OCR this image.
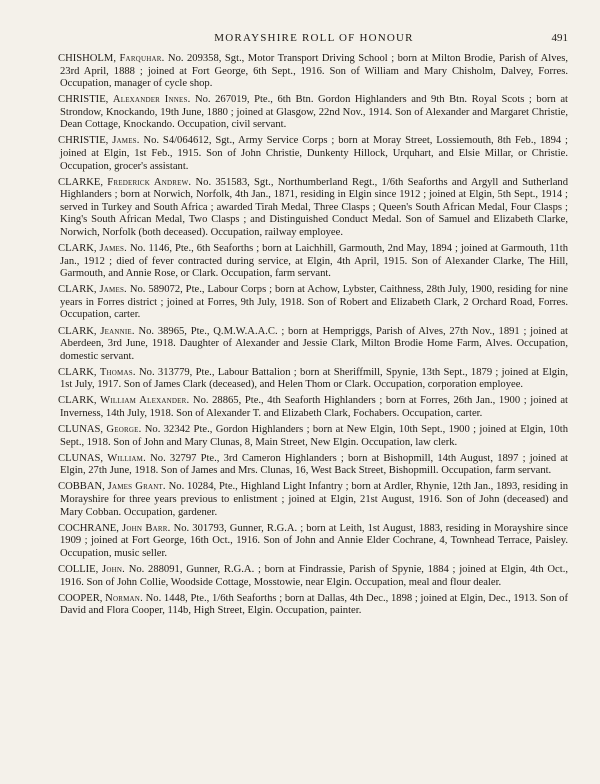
MORAYSHIRE ROLL OF HONOUR	491

CHISHOLM, Farquhar. No. 209358, Sgt., Motor Transport Driving School ; born at Milton Brodie, Parish of Alves, 23rd April, 1888 ; joined at Fort George, 6th Sept., 1916. Son of William and Mary Chisholm, Dalvey, Forres. Occupation, manager of cycle shop.

CHRISTIE, Alexander Innes. No. 267019, Pte., 6th Btn. Gordon Highlanders and 9th Btn. Royal Scots ; born at Strondow, Knockando, 19th June, 1880 ; joined at Glasgow, 22nd Nov., 1914. Son of Alexander and Margaret Christie, Dean Cottage, Knockando. Occupation, civil servant.

CHRISTIE, James. No. S4/064612, Sgt., Army Service Corps ; born at Moray Street, Lossiemouth, 8th Feb., 1894 ; joined at Elgin, 1st Feb., 1915. Son of John Christie, Dunkenty Hillock, Urquhart, and Elsie Millar, or Christie. Occupation, grocer's assistant.

CLARKE, Frederick Andrew. No. 351583, Sgt., Northumberland Regt., 1/6th Seaforths and Argyll and Sutherland Highlanders ; born at Norwich, Norfolk, 4th Jan., 1871, residing in Elgin since 1912 ; joined at Elgin, 5th Sept., 1914 ; served in Turkey and South Africa ; awarded Tirah Medal, Three Clasps ; Queen's South African Medal, Four Clasps ; King's South African Medal, Two Clasps ; and Distinguished Conduct Medal. Son of Samuel and Elizabeth Clarke, Norwich, Norfolk (both deceased). Occupation, railway employee.

CLARK, James. No. 1146, Pte., 6th Seaforths ; born at Laichhill, Garmouth, 2nd May, 1894 ; joined at Garmouth, 11th Jan., 1912 ; died of fever contracted during service, at Elgin, 4th April, 1915. Son of Alexander Clarke, The Hill, Garmouth, and Annie Rose, or Clark. Occupation, farm servant.

CLARK, James. No. 589072, Pte., Labour Corps ; born at Achow, Lybster, Caithness, 28th July, 1900, residing for nine years in Forres district ; joined at Forres, 9th July, 1918. Son of Robert and Elizabeth Clark, 2 Orchard Road, Forres. Occupation, carter.

CLARK, Jeannie. No. 38965, Pte., Q.M.W.A.A.C. ; born at Hempriggs, Parish of Alves, 27th Nov., 1891 ; joined at Aberdeen, 3rd June, 1918. Daughter of Alexander and Jessie Clark, Milton Brodie Home Farm, Alves. Occupation, domestic servant.

CLARK, Thomas. No. 313779, Pte., Labour Battalion ; born at Sheriffmill, Spynie, 13th Sept., 1879 ; joined at Elgin, 1st July, 1917. Son of James Clark (deceased), and Helen Thom or Clark. Occupation, corporation employee.

CLARK, William Alexander. No. 28865, Pte., 4th Seaforth Highlanders ; born at Forres, 26th Jan., 1900 ; joined at Inverness, 14th July, 1918. Son of Alexander T. and Elizabeth Clark, Fochabers. Occupation, carter.

CLUNAS, George. No. 32342 Pte., Gordon Highlanders ; born at New Elgin, 10th Sept., 1900 ; joined at Elgin, 10th Sept., 1918. Son of John and Mary Clunas, 8, Main Street, New Elgin. Occupation, law clerk.

CLUNAS, William. No. 32797 Pte., 3rd Cameron Highlanders ; born at Bishopmill, 14th August, 1897 ; joined at Elgin, 27th June, 1918. Son of James and Mrs. Clunas, 16, West Back Street, Bishopmill. Occupation, farm servant.

COBBAN, James Grant. No. 10284, Pte., Highland Light Infantry ; born at Ardler, Rhynie, 12th Jan., 1893, residing in Morayshire for three years previous to enlistment ; joined at Elgin, 21st August, 1916. Son of John (deceased) and Mary Cobban. Occupation, gardener.

COCHRANE, John Barr. No. 301793, Gunner, R.G.A. ; born at Leith, 1st August, 1883, residing in Morayshire since 1909 ; joined at Fort George, 16th Oct., 1916. Son of John and Annie Elder Cochrane, 4, Townhead Terrace, Paisley. Occupation, music seller.

COLLIE, John. No. 288091, Gunner, R.G.A. ; born at Findrassie, Parish of Spynie, 1884 ; joined at Elgin, 4th Oct., 1916. Son of John Collie, Woodside Cottage, Mosstowie, near Elgin. Occupation, meal and flour dealer.

COOPER, Norman. No. 1448, Pte., 1/6th Seaforths ; born at Dallas, 4th Dec., 1898 ; joined at Elgin, Dec., 1913. Son of David and Flora Cooper, 114b, High Street, Elgin. Occupation, painter.
